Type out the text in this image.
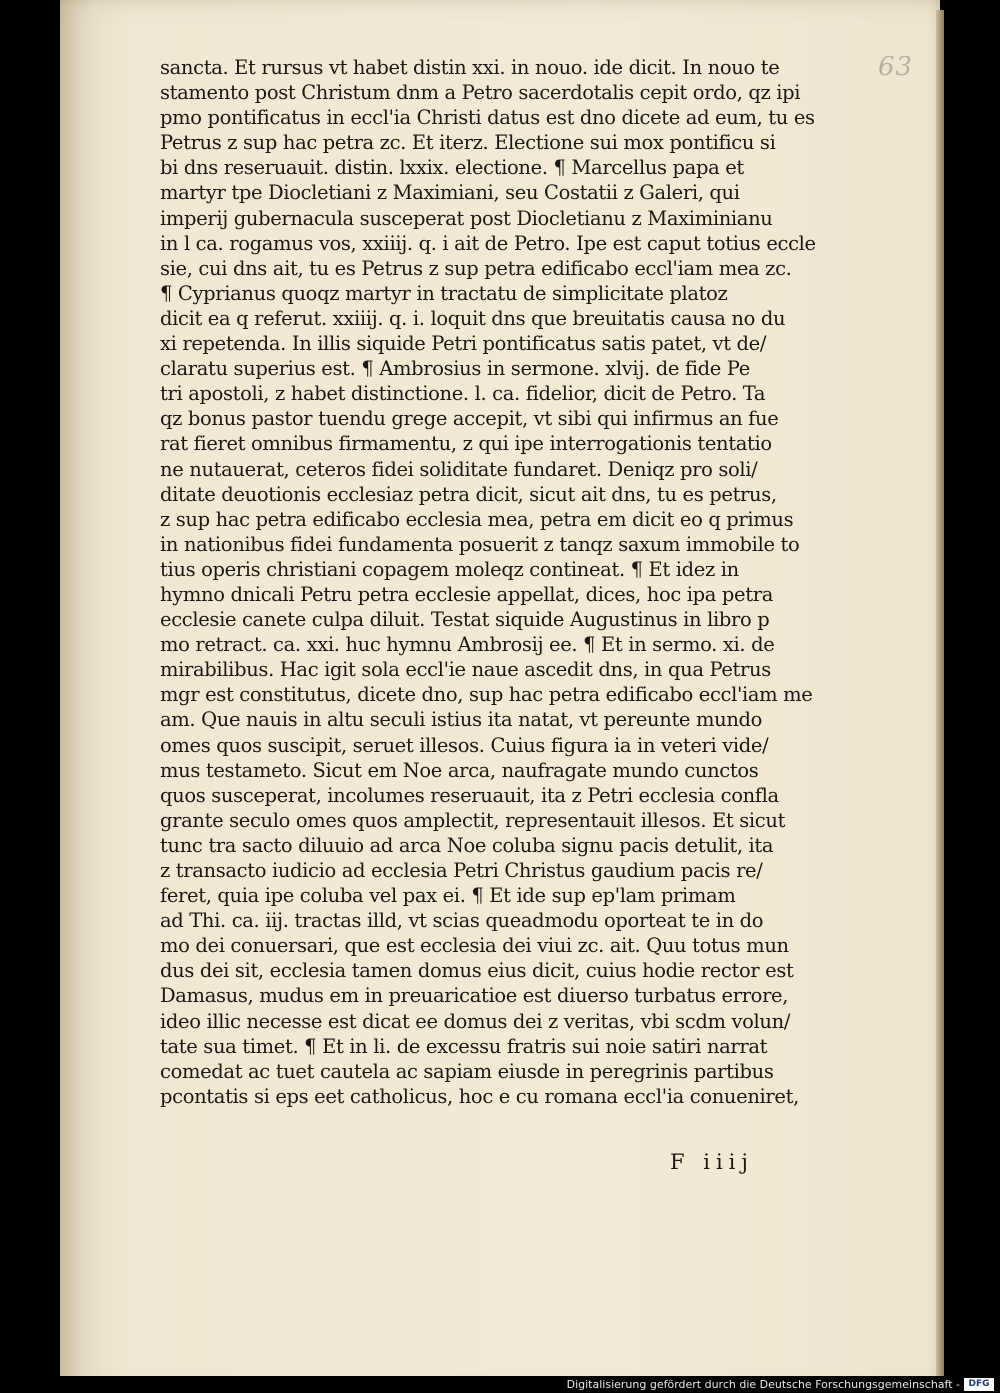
63
sancta. Et rursus vt habet distin xxi. in nouo. ide dicit. In nouo te
stamento post Christum dnm a Petro sacerdotalis cepit ordo, qz ipi
pmo pontificatus in eccl'ia Christi datus est dno dicete ad eum, tu es
Petrus z sup hac petra zc. Et iterz. Electione sui mox pontificu si
bi dns reseruauit. distin. lxxix. electione. ¶ Marcellus papa et
martyr tpe Diocletiani z Maximiani, seu Costatii z Galeri, qui
imperij gubernacula susceperat post Diocletianu z Maximinianu
in l ca. rogamus vos, xxiiij. q. i ait de Petro. Ipe est caput totius eccle
sie, cui dns ait, tu es Petrus z sup petra edificabo eccl'iam mea zc.
¶ Cyprianus quoqz martyr in tractatu de simplicitate platoz
dicit ea q referut. xxiiij. q. i. loquit dns que breuitatis causa no du
xi repetenda. In illis siquide Petri pontificatus satis patet, vt de/
claratu superius est. ¶ Ambrosius in sermone. xlvij. de fide Pe
tri apostoli, z habet distinctione. l. ca. fidelior, dicit de Petro. Ta
qz bonus pastor tuendu grege accepit, vt sibi qui infirmus an fue
rat fieret omnibus firmamentu, z qui ipe interrogationis tentatio
ne nutauerat, ceteros fidei soliditate fundaret. Deniqz pro soli/
ditate deuotionis ecclesiaz petra dicit, sicut ait dns, tu es petrus,
z sup hac petra edificabo ecclesia mea, petra em dicit eo q primus
in nationibus fidei fundamenta posuerit z tanqz saxum immobile to
tius operis christiani copagem moleqz contineat. ¶ Et idez in
hymno dnicali Petru petra ecclesie appellat, dices, hoc ipa petra
ecclesie canete culpa diluit. Testat siquide Augustinus in libro p
mo retract. ca. xxi. huc hymnu Ambrosij ee. ¶ Et in sermo. xi. de
mirabilibus. Hac igit sola eccl'ie naue ascedit dns, in qua Petrus
mgr est constitutus, dicete dno, sup hac petra edificabo eccl'iam me
am. Que nauis in altu seculi istius ita natat, vt pereunte mundo
omes quos suscipit, seruet illesos. Cuius figura ia in veteri vide/
mus testameto. Sicut em Noe arca, naufragate mundo cunctos
quos susceperat, incolumes reseruauit, ita z Petri ecclesia confla
grante seculo omes quos amplectit, representauit illesos. Et sicut
tunc tra sacto diluuio ad arca Noe coluba signu pacis detulit, ita
z transacto iudicio ad ecclesia Petri Christus gaudium pacis re/
feret, quia ipe coluba vel pax ei. ¶ Et ide sup ep'lam primam
ad Thi. ca. iij. tractas illd, vt scias queadmodu oporteat te in do
mo dei conuersari, que est ecclesia dei viui zc. ait. Quu totus mun
dus dei sit, ecclesia tamen domus eius dicit, cuius hodie rector est
Damasus, mudus em in preuaricatioe est diuerso turbatus errore,
ideo illic necesse est dicat ee domus dei z veritas, vbi scdm volun/
tate sua timet. ¶ Et in li. de excessu fratris sui noie satiri narrat
comedat ac tuet cautela ac sapiam eiusde in peregrinis partibus
pcontatis si eps eet catholicus, hoc e cu romana eccl'ia conueniret,
F iiij
Digitalisierung gefördert durch die Deutsche Forschungsgemeinschaft - DFG
